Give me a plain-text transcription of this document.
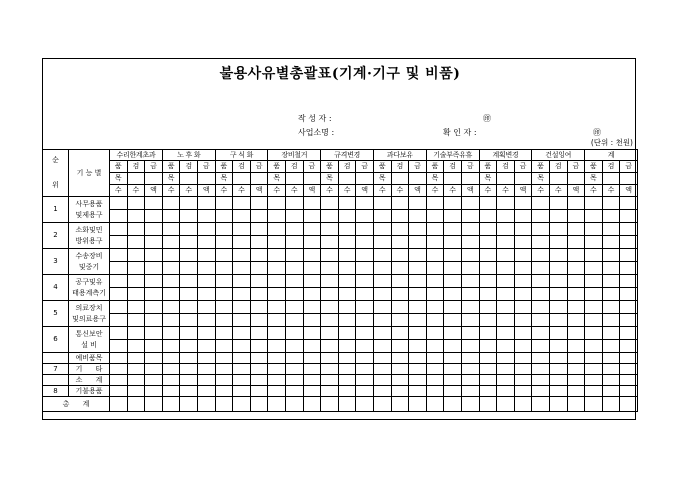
불용사유별총괄표(기계·기구 및 비품)
작 성 자 :	㊞
사업소명 :	확 인 자 :	㊞
(단위 : 천원)
순
위	기 능 별	수리한계초과			노 후 화			구 식 화			장비철거			규격변경			과다보유			기술부족유휴			계획변경			건설잉여			계		
		품	검	금	품	검	금	품	검	금	품	검	금	품	검	금	품	검	금	품	검	금	품	검	금	품	검	금	품	검	금
		목			목			목			목			목			목			목			목			목			목		
		수	수	액	수	수	액	수	수	액	수	수	액	수	수	액	수	수	액	수	수	액	수	수	액	수	수	액	수	수	액
1	사무용품
및제용구																														

2	소화및민
방위용구																														

3	수송장비
및중기																														

4	공구및유
태용계측기																														

5	의료장치
및의료용구																														

6	통신보안
설 비																														

	예비품목																														
7	기      타																														
	소      계																														
8	기불용품																														
총      계																															
